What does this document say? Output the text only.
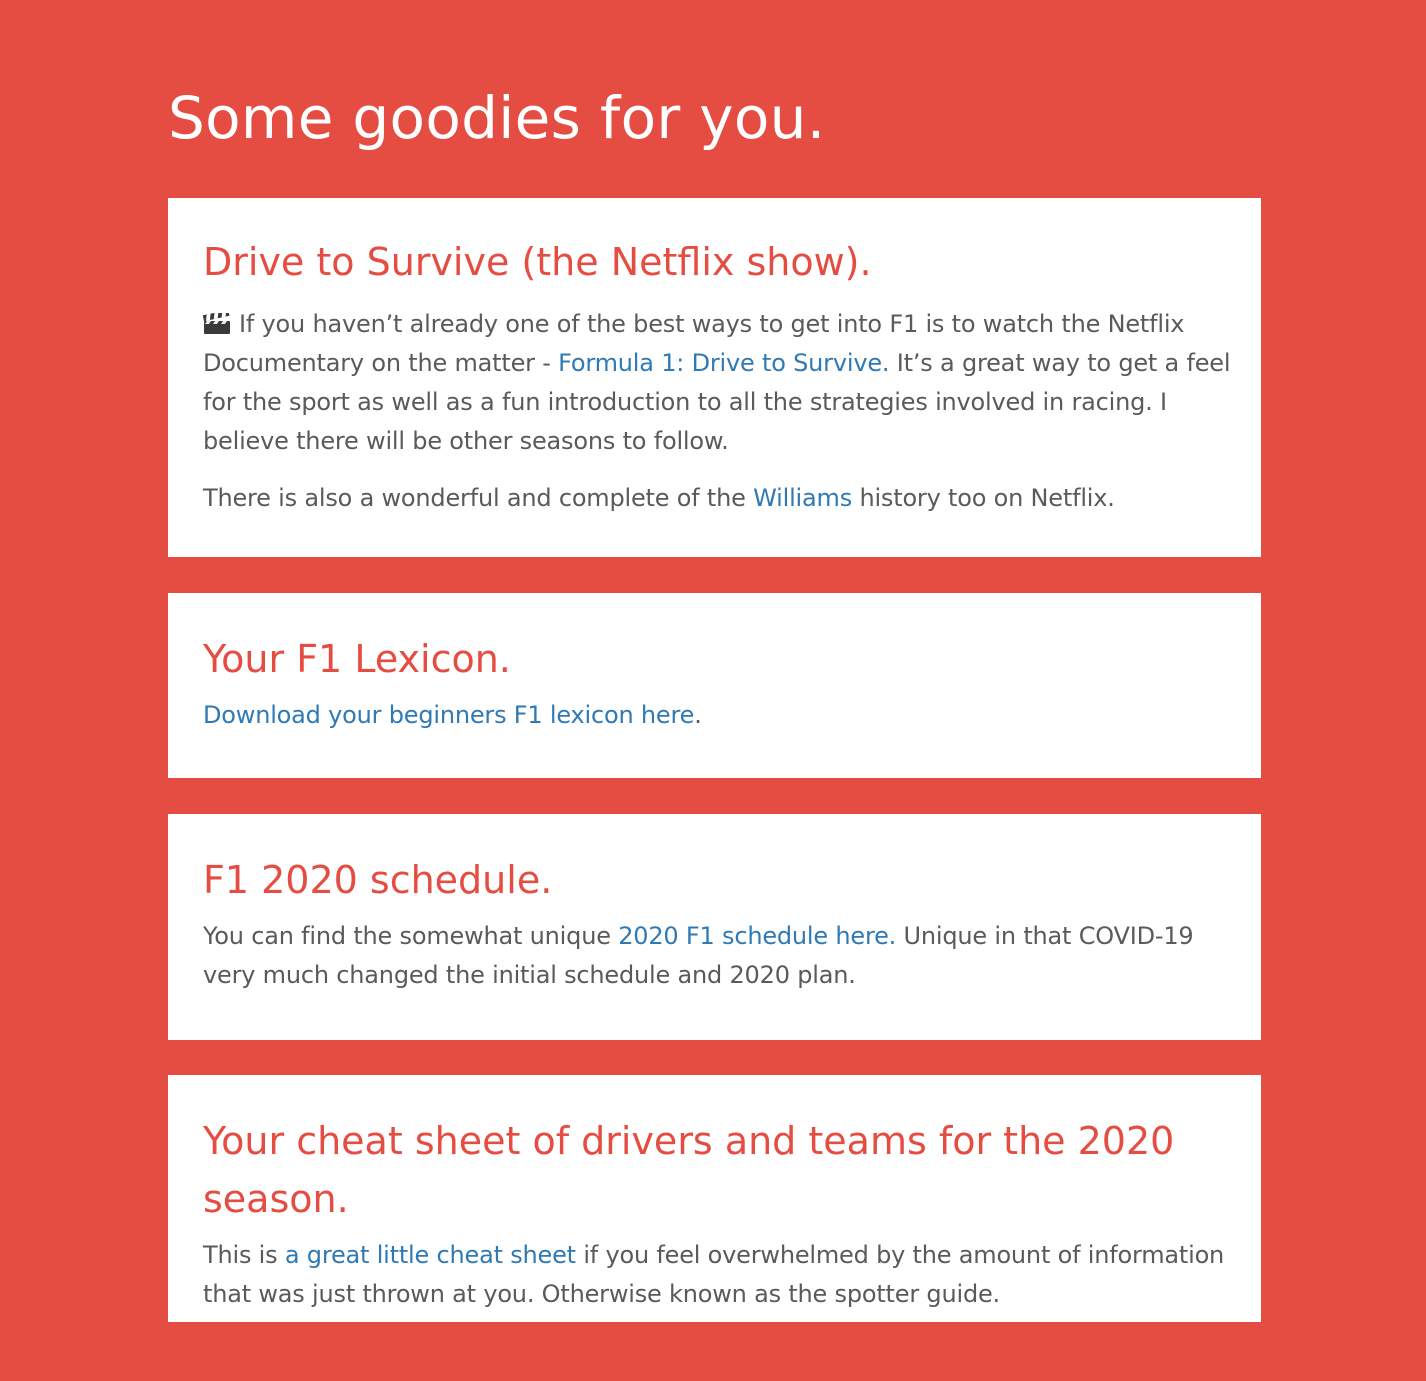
Some goodies for you.
Drive to Survive (the Netflix show).

If you haven’t already one of the best ways to get into F1 is to watch the Netflix Documentary on the matter - Formula 1: Drive to Survive. It’s a great way to get a feel for the sport as well as a fun introduction to all the strategies involved in racing. I believe there will be other seasons to follow.

There is also a wonderful and complete of the Williams history too on Netflix.

Your F1 Lexicon.

Download your beginners F1 lexicon here.

F1 2020 schedule.

You can find the somewhat unique 2020 F1 schedule here. Unique in that COVID-19 very much changed the initial schedule and 2020 plan.

Your cheat sheet of drivers and teams for the 2020 season.

This is a great little cheat sheet if you feel overwhelmed by the amount of information that was just thrown at you. Otherwise known as the spotter guide.
